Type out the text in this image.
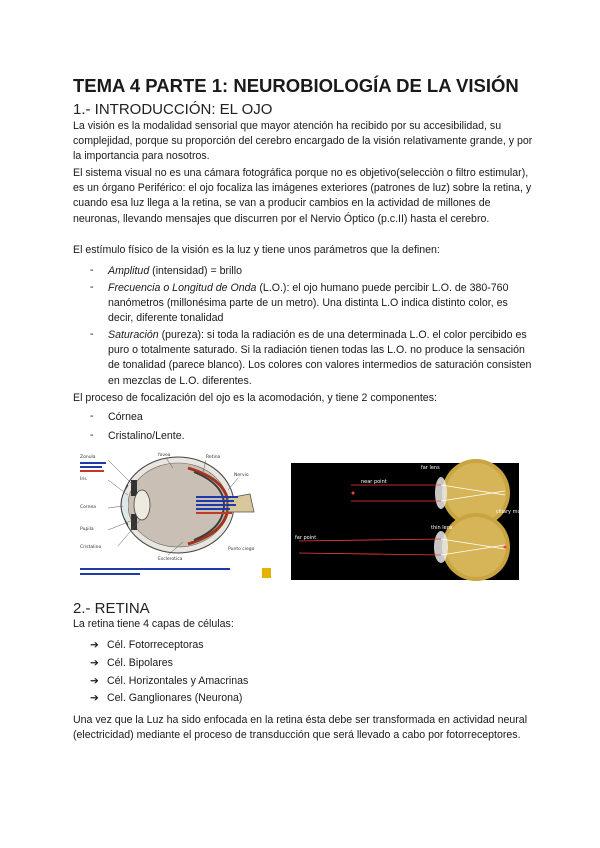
TEMA 4 PARTE 1: NEUROBIOLOGÍA DE LA VISIÓN
1.- INTRODUCCIÓN: EL OJO
La visión es la modalidad sensorial que mayor atención ha recibido por su accesibilidad, su complejidad, porque su proporción del cerebro encargado de la visión relativamente grande, y por la importancia para nosotros.
El sistema visual no es una cámara fotográfica porque no es objetivo(selecciòn o filtro estimular), es un órgano Periférico: el ojo focaliza las imágenes exteriores (patrones de luz) sobre la retina, y cuando esa luz llega a la retina, se van a producir cambios en la actividad de millones de neuronas, llevando mensajes que discurren por el Nervio Óptico (p.c.II) hasta el cerebro.
El estímulo físico de la visión es la luz y tiene unos parámetros que la definen:
- Amplitud (intensidad) = brillo
- Frecuencia o Longitud de Onda (L.O.): el ojo humano puede percibir L.O. de 380-760 nanómetros (millonésima parte de un metro). Una distinta L.O indica distinto color, es decir, diferente tonalidad
- Saturación (pureza): si toda la radiación es de una determinada L.O. el color percibido es puro o totalmente saturado. Si la radiación tienen todas las L.O. no produce la sensación de tonalidad (parece blanco). Los colores con valores intermedios de saturación consisten en mezclas de L.O. diferentes.
El proceso de focalización del ojo es la acomodación, y tiene 2 componentes:
- Córnea
- Cristalino/Lente.
Zonula	fovea	Retina
Iris
Cornea
Pupila
Cristalino
Nervio
Punto ciego
Esclerotica
far lens
near point
ciliary muscles
thin lens
far point
2.- RETINA
La retina tiene 4 capas de células:
➔ Cél. Fotorreceptoras
➔ Cél. Bipolares
➔ Cél. Horizontales y Amacrinas
➔ Cel. Ganglionares (Neurona)
Una vez que la Luz ha sido enfocada en la retina ésta debe ser transformada en actividad neural (electricidad) mediante el proceso de transducción que será llevado a cabo por fotorreceptores.
